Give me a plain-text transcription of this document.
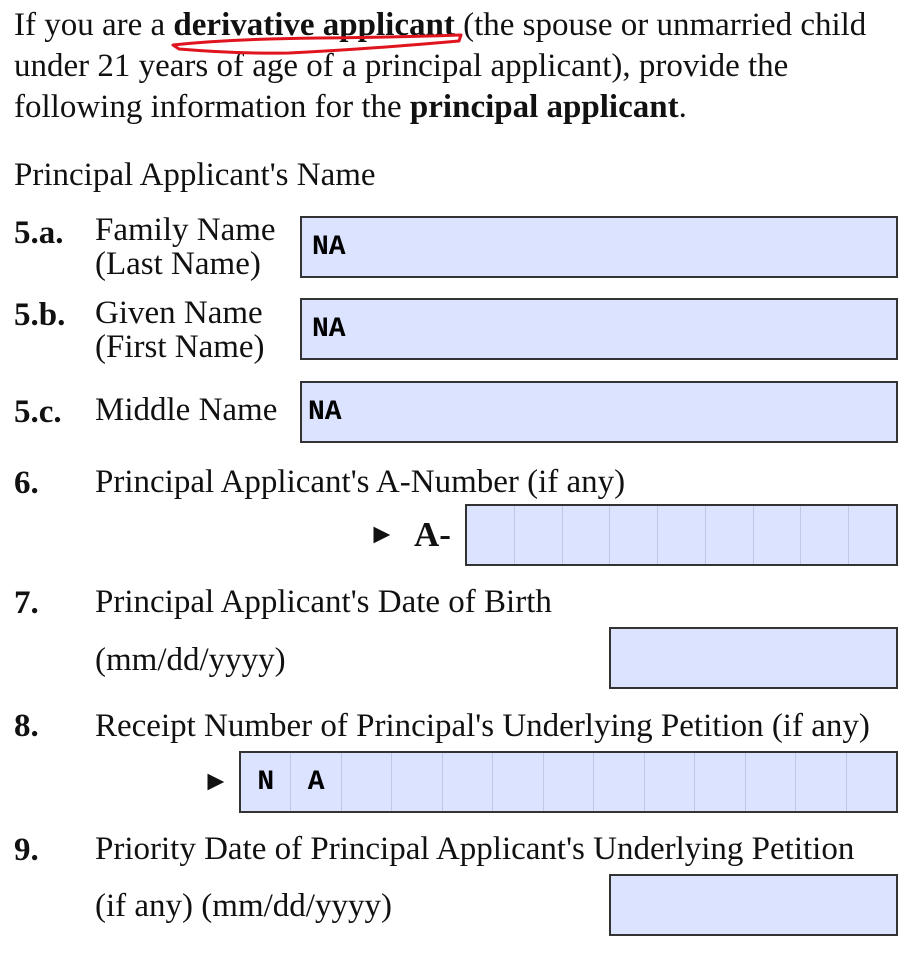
If you are a derivative applicant
(the spouse or unmarried child under 21 years of age of a principal applicant), provide the following information for the principal applicant.
Principal Applicant's Name
5.a. Family Name
(Last Name)	NA
5.b. Given Name
(First Name)	NA
5.c. Middle Name NA
6. Principal Applicant's A-Number (if any)
► A-
7. Principal Applicant's Date of Birth
(mm/dd/yyyy)
8. Receipt Number of Principal's Underlying Petition (if any)
► N	A
9. Priority Date of Principal Applicant's Underlying Petition
(if any) (mm/dd/yyyy)
